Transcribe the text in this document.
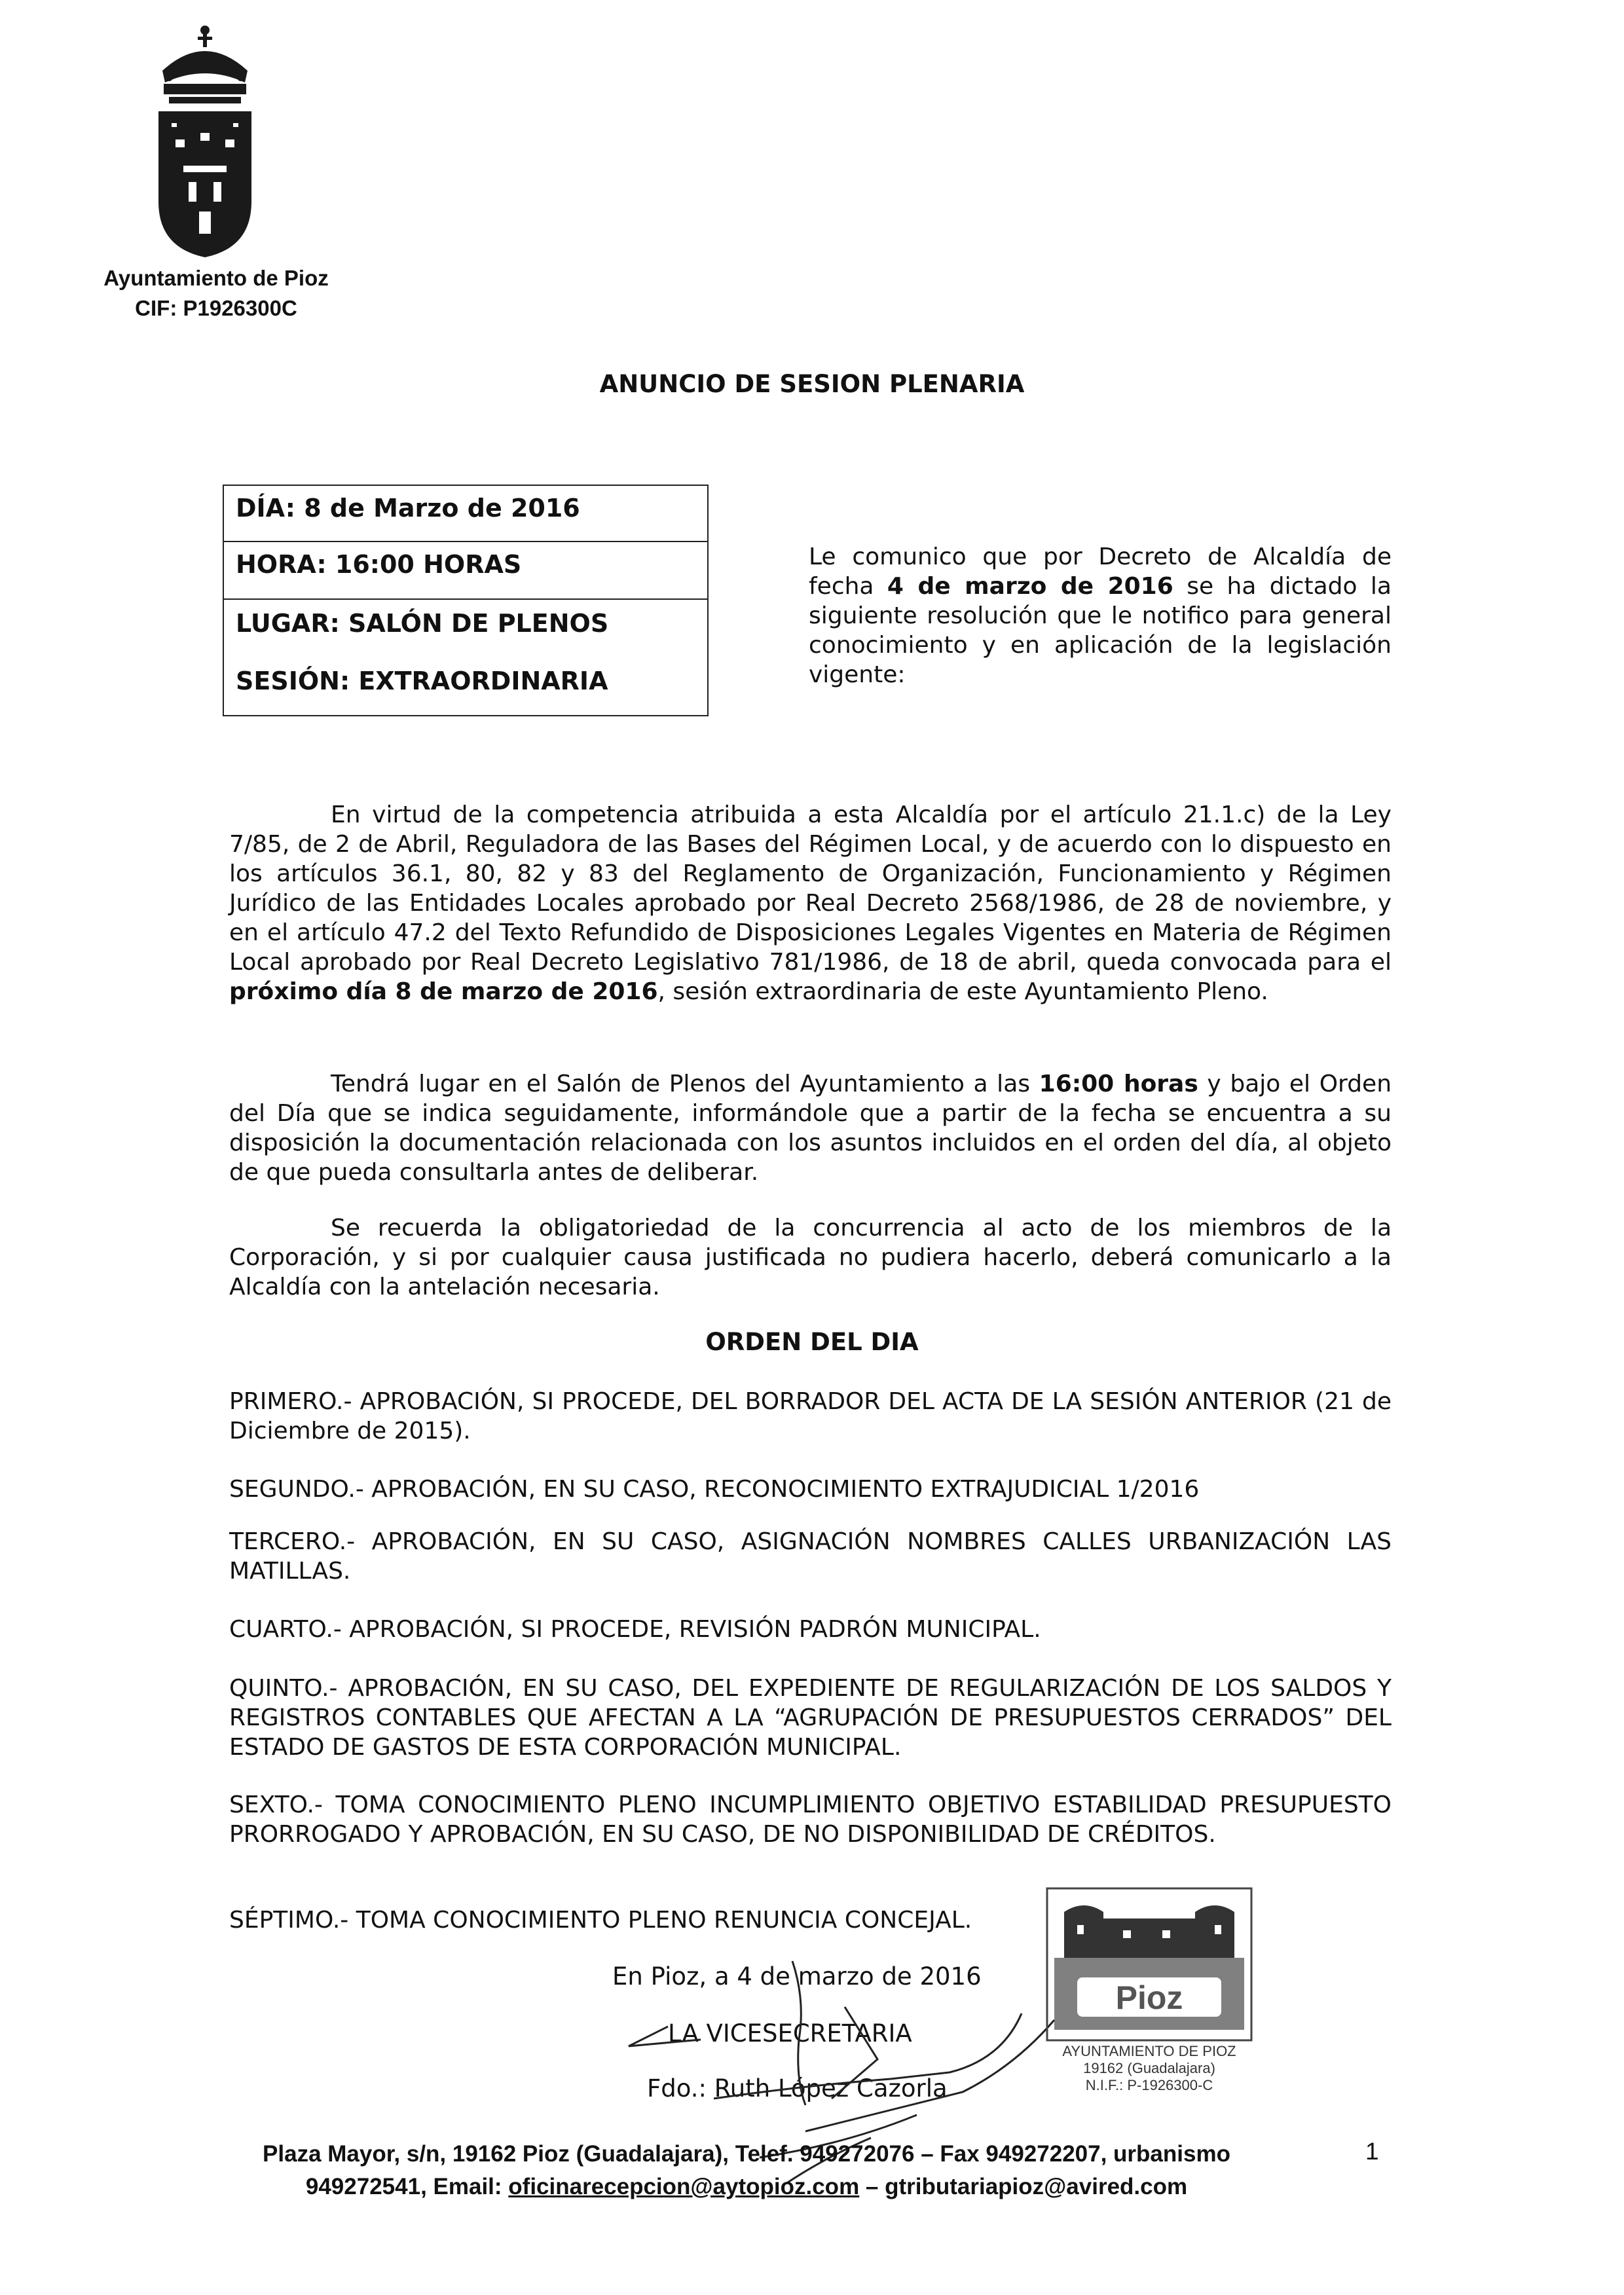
Ayuntamiento de Pioz
CIF: P1926300C
ANUNCIO DE SESION PLENARIA
DÍA: 8 de Marzo de 2016
HORA: 16:00 HORAS
LUGAR: SALÓN DE PLENOS
SESIÓN: EXTRAORDINARIA
Le comunico que por Decreto de Alcaldía de fecha 4 de marzo de 2016 se ha dictado la siguiente resolución que le notifico para general conocimiento y en aplicación de la legislación vigente:

En virtud de la competencia atribuida a esta Alcaldía por el artículo 21.1.c) de la Ley 7/85, de 2 de Abril, Reguladora de las Bases del Régimen Local, y de acuerdo con lo dispuesto en los artículos 36.1, 80, 82 y 83 del Reglamento de Organización, Funcionamiento y Régimen Jurídico de las Entidades Locales aprobado por Real Decreto 2568/1986, de 28 de noviembre, y en el artículo 47.2 del Texto Refundido de Disposiciones Legales Vigentes en Materia de Régimen Local aprobado por Real Decreto Legislativo 781/1986, de 18 de abril, queda convocada para el próximo día 8 de marzo de 2016, sesión extraordinaria de este Ayuntamiento Pleno.

Tendrá lugar en el Salón de Plenos del Ayuntamiento a las 16:00 horas y bajo el Orden del Día que se indica seguidamente, informándole que a partir de la fecha se encuentra a su disposición la documentación relacionada con los asuntos incluidos en el orden del día, al objeto de que pueda consultarla antes de deliberar.

Se recuerda la obligatoriedad de la concurrencia al acto de los miembros de la Corporación, y si por cualquier causa justificada no pudiera hacerlo, deberá comunicarlo a la Alcaldía con la antelación necesaria.

ORDEN DEL DIA

PRIMERO.- APROBACIÓN, SI PROCEDE, DEL BORRADOR DEL ACTA DE LA SESIÓN ANTERIOR (21 de Diciembre de 2015).

SEGUNDO.- APROBACIÓN, EN SU CASO, RECONOCIMIENTO EXTRAJUDICIAL 1/2016

TERCERO.- APROBACIÓN, EN SU CASO, ASIGNACIÓN NOMBRES CALLES URBANIZACIÓN LAS MATILLAS.

CUARTO.- APROBACIÓN, SI PROCEDE, REVISIÓN PADRÓN MUNICIPAL.

QUINTO.- APROBACIÓN, EN SU CASO, DEL EXPEDIENTE DE REGULARIZACIÓN DE LOS SALDOS Y REGISTROS CONTABLES QUE AFECTAN A LA “AGRUPACIÓN DE PRESUPUESTOS CERRADOS” DEL ESTADO DE GASTOS DE ESTA CORPORACIÓN MUNICIPAL.

SEXTO.- TOMA CONOCIMIENTO PLENO INCUMPLIMIENTO OBJETIVO ESTABILIDAD PRESUPUESTO PRORROGADO Y APROBACIÓN, EN SU CASO, DE NO DISPONIBILIDAD DE CRÉDITOS.

SÉPTIMO.- TOMA CONOCIMIENTO PLENO RENUNCIA CONCEJAL.

En Pioz, a 4 de marzo de 2016
LA VICESECRETARIA
Fdo.: Ruth López Cazorla
Pioz
AYUNTAMIENTO DE PIOZ
19162 (Guadalajara)
N.I.F.: P-1926300-C
Plaza Mayor, s/n, 19162 Pioz (Guadalajara), Telef. 949272076 – Fax 949272207, urbanismo
949272541, Email: oficinarecepcion@aytopioz.com – gtributariapioz@avired.com
1
